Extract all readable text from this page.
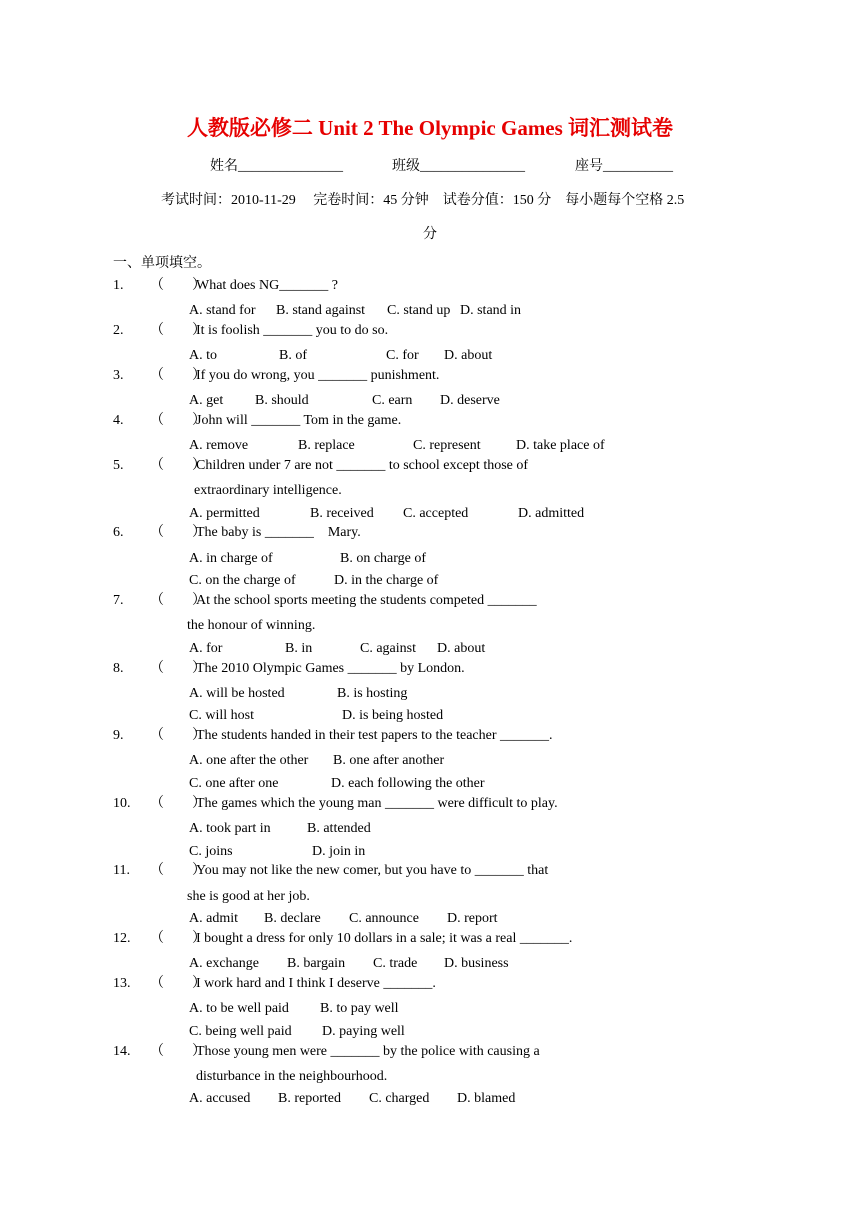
人教版必修二 Unit 2 The Olympic Games 词汇测试卷
姓名_______________	班级_______________	座号__________
考试时间：2010-11-29　 完卷时间：45 分钟　试卷分值：150 分　每小题每个空格 2.5
分
一、单项填空。
1. （　　）
What does NG_______ ?
A. stand for B. stand against C. stand up D. stand in
2. （　　）
It is foolish _______ you to do so.
A. to	B. of	C. for D. about
3. （　　）
If you do wrong, you _______ punishment.
A. get B. should	C. earn D. deserve
4. （　　）
John will _______ Tom in the game.
A. remove	B. replace	C. represent	D. take place of
5. （　　）
Children under 7 are not _______ to school except those of
extraordinary intelligence.
A. permitted	B. received C. accepted	D. admitted
6. （　　）
The baby is _______    Mary.
A. in charge of	B. on charge of
C. on the charge of	D. in the charge of
7. （　　）
At the school sports meeting the students competed _______
the honour of winning.
A. for	B. in	C. against D. about
8. （　　）
The 2010 Olympic Games _______ by London.
A. will be hosted	B. is hosting
C. will host	D. is being hosted
9. （　　）
The students handed in their test papers to the teacher _______.
A. one after the other B. one after another
C. one after one	D. each following the other
10. （　　）
The games which the young man _______ were difficult to play.
A. took part in	B. attended
C. joins	D. join in
11. （　　）
You may not like the new comer, but you have to _______ that
she is good at her job.
A. admit B. declare C. announce D. report
12. （　　）
I bought a dress for only 10 dollars in a sale; it was a real _______.
A. exchange B. bargain C. trade D. business
13. （　　）
I work hard and I think I deserve _______.
A. to be well paid B. to pay well
C. being well paid D. paying well
14. （　　）
Those young men were _______ by the police with causing a
disturbance in the neighbourhood.
A. accused B. reported C. charged D. blamed
